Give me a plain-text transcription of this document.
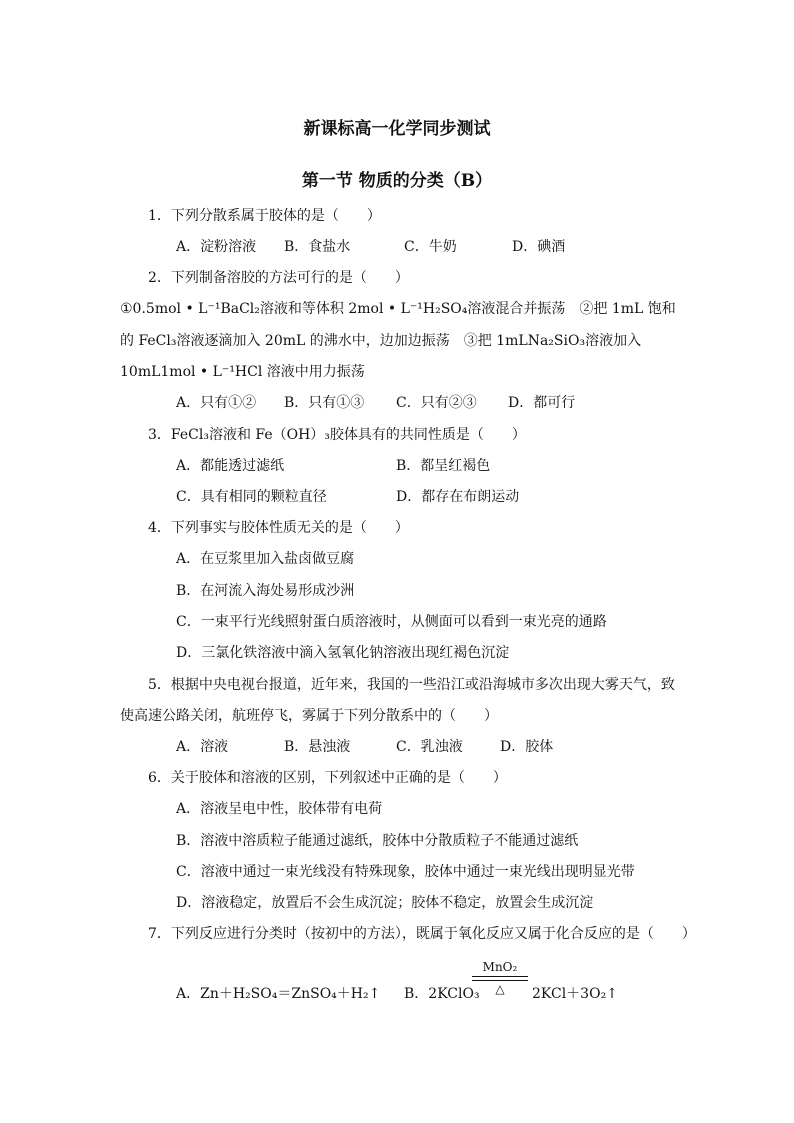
新课标高一化学同步测试
第一节 物质的分类（B）
1．下列分散系属于胶体的是（　　）
A．淀粉溶液 B．食盐水	C．牛奶	D．碘酒
2．下列制备溶胶的方法可行的是（　　）
①0.5mol • L⁻¹BaCl₂溶液和等体积 2mol • L⁻¹H₂SO₄溶液混合并振荡　②把 1mL 饱和
的 FeCl₃溶液逐滴加入 20mL 的沸水中，边加边振荡　③把 1mLNa₂SiO₃溶液加入
10mL1mol • L⁻¹HCl 溶液中用力振荡
A．只有①② B．只有①③ C．只有②③ D．都可行
3．FeCl₃溶液和 Fe（OH）₃胶体具有的共同性质是（　　）
A．都能透过滤纸	B．都呈红褐色
C．具有相同的颗粒直径	D．都存在布朗运动
4．下列事实与胶体性质无关的是（　　）
A．在豆浆里加入盐卤做豆腐
B．在河流入海处易形成沙洲
C．一束平行光线照射蛋白质溶液时，从侧面可以看到一束光亮的通路
D．三氯化铁溶液中滴入氢氧化钠溶液出现红褐色沉淀
5．根据中央电视台报道，近年来，我国的一些沿江或沿海城市多次出现大雾天气，致
使高速公路关闭，航班停飞，雾属于下列分散系中的（　　）
A．溶液	B．悬浊液	C．乳浊液	D．胶体
6．关于胶体和溶液的区别，下列叙述中正确的是（　　）
A．溶液呈电中性，胶体带有电荷
B．溶液中溶质粒子能通过滤纸，胶体中分散质粒子不能通过滤纸
C．溶液中通过一束光线没有特殊现象，胶体中通过一束光线出现明显光带
D．溶液稳定，放置后不会生成沉淀；胶体不稳定，放置会生成沉淀
7．下列反应进行分类时（按初中的方法），既属于氧化反应又属于化合反应的是（　　）
A．Zn＋H₂SO₄＝ZnSO₄＋H₂↑ B．2KClO₃
MnO₂
△	2KCl＋3O₂↑
